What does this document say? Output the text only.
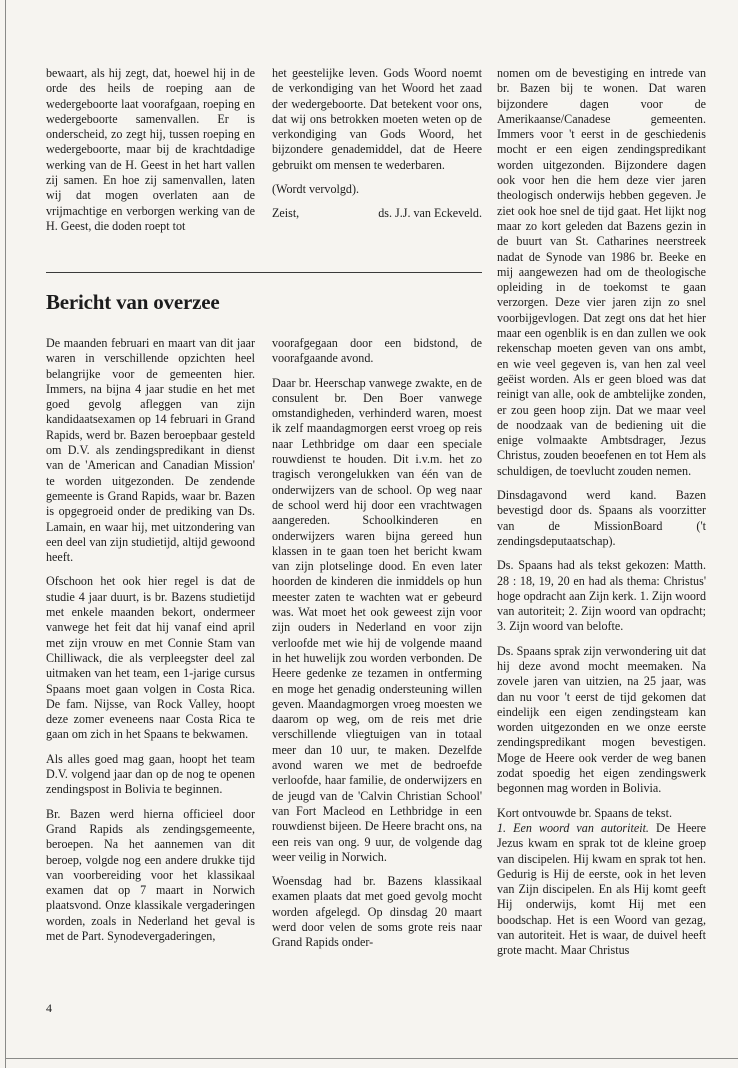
bewaart, als hij zegt, dat, hoewel hij in de orde des heils de roeping aan de wedergeboorte laat voorafgaan, roeping en wedergeboorte samenvallen. Er is onderscheid, zo zegt hij, tussen roeping en wedergeboorte, maar bij de krachtdadige werking van de H. Geest in het hart vallen zij samen. En hoe zij samenvallen, laten wij dat mogen overlaten aan de vrijmachtige en verborgen werking van de H. Geest, die doden roept tot

het geestelijke leven. Gods Woord noemt de verkondiging van het Woord het zaad der wedergeboorte. Dat betekent voor ons, dat wij ons betrokken moeten weten op de verkondiging van Gods Woord, het bijzondere genademiddel, dat de Heere gebruikt om mensen te wederbaren.

(Wordt vervolgd).

Zeist,	ds. J.J. van Eckeveld.

Bericht van overzee

De maanden februari en maart van dit jaar waren in verschillende opzichten heel belangrijke voor de gemeenten hier. Immers, na bijna 4 jaar studie en het met goed gevolg afleggen van zijn kandidaatsexamen op 14 februari in Grand Rapids, werd br. Bazen beroepbaar gesteld om D.V. als zendingspredikant in dienst van de 'American and Canadian Mission' te worden uitgezonden. De zendende gemeente is Grand Rapids, waar br. Bazen is opgegroeid onder de prediking van Ds. Lamain, en waar hij, met uitzondering van een deel van zijn studietijd, altijd gewoond heeft.

Ofschoon het ook hier regel is dat de studie 4 jaar duurt, is br. Bazens studietijd met enkele maanden bekort, ondermeer vanwege het feit dat hij vanaf eind april met zijn vrouw en met Connie Stam van Chilliwack, die als verpleegster deel zal uitmaken van het team, een 1-jarige cursus Spaans moet gaan volgen in Costa Rica. De fam. Nijsse, van Rock Valley, hoopt deze zomer eveneens naar Costa Rica te gaan om zich in het Spaans te bekwamen.

Als alles goed mag gaan, hoopt het team D.V. volgend jaar dan op de nog te openen zendingspost in Bolivia te beginnen.

Br. Bazen werd hierna officieel door Grand Rapids als zendingsgemeente, beroepen. Na het aannemen van dit beroep, volgde nog een andere drukke tijd van voorbereiding voor het klassikaal examen dat op 7 maart in Norwich plaatsvond. Onze klassikale vergaderingen worden, zoals in Nederland het geval is met de Part. Synodevergaderingen,

voorafgegaan door een bidstond, de voorafgaande avond.

Daar br. Heerschap vanwege zwakte, en de consulent br. Den Boer vanwege omstandigheden, verhinderd waren, moest ik zelf maandagmorgen eerst vroeg op reis naar Lethbridge om daar een speciale rouwdienst te houden. Dit i.v.m. het zo tragisch verongelukken van één van de onderwijzers van de school. Op weg naar de school werd hij door een vrachtwagen aangereden. Schoolkinderen en onderwijzers waren bijna gereed hun klassen in te gaan toen het bericht kwam van zijn plotselinge dood. En even later hoorden de kinderen die inmiddels op hun meester zaten te wachten wat er gebeurd was. Wat moet het ook geweest zijn voor zijn ouders in Nederland en voor zijn verloofde met wie hij de volgende maand in het huwelijk zou worden verbonden. De Heere gedenke ze tezamen in ontferming en moge het genadig ondersteuning willen geven. Maandagmorgen vroeg moesten we daarom op weg, om de reis met drie verschillende vliegtuigen van in totaal meer dan 10 uur, te maken. Dezelfde avond waren we met de bedroefde verloofde, haar familie, de onderwijzers en de jeugd van de 'Calvin Christian School' van Fort Macleod en Lethbridge in een rouwdienst bijeen. De Heere bracht ons, na een reis van ong. 9 uur, de volgende dag weer veilig in Norwich.

Woensdag had br. Bazens klassikaal examen plaats dat met goed gevolg mocht worden afgelegd. Op dinsdag 20 maart werd door velen de soms grote reis naar Grand Rapids onder-

nomen om de bevestiging en intrede van br. Bazen bij te wonen. Dat waren bijzondere dagen voor de Amerikaanse/Canadese gemeenten. Immers voor 't eerst in de geschiedenis mocht er een eigen zendingspredikant worden uitgezonden. Bijzondere dagen ook voor hen die hem deze vier jaren theologisch onderwijs hebben gegeven. Je ziet ook hoe snel de tijd gaat. Het lijkt nog maar zo kort geleden dat Bazens gezin in de buurt van St. Catharines neerstreek nadat de Synode van 1986 br. Beeke en mij aangewezen had om de theologische opleiding in de toekomst te gaan verzorgen. Deze vier jaren zijn zo snel voorbijgevlogen. Dat zegt ons dat het hier maar een ogenblik is en dan zullen we ook rekenschap moeten geven van ons ambt, en wie veel gegeven is, van hen zal veel geëist worden. Als er geen bloed was dat reinigt van alle, ook de ambtelijke zonden, er zou geen hoop zijn. Dat we maar veel de noodzaak van de bediening uit die enige volmaakte Ambtsdrager, Jezus Christus, zouden beoefenen en tot Hem als schuldigen, de toevlucht zouden nemen.

Dinsdagavond werd kand. Bazen bevestigd door ds. Spaans als voorzitter van de MissionBoard ('t zendingsdeputaatschap).

Ds. Spaans had als tekst gekozen: Matth. 28 : 18, 19, 20 en had als thema: Christus' hoge opdracht aan Zijn kerk. 1. Zijn woord van autoriteit; 2. Zijn woord van opdracht; 3. Zijn woord van belofte.

Ds. Spaans sprak zijn verwondering uit dat hij deze avond mocht meemaken. Na zovele jaren van uitzien, na 25 jaar, was dan nu voor 't eerst de tijd gekomen dat eindelijk een eigen zendingsteam kan worden uitgezonden en we onze eerste zendingspredikant mogen bevestigen. Moge de Heere ook verder de weg banen zodat spoedig het eigen zendingswerk begonnen mag worden in Bolivia.

Kort ontvouwde br. Spaans de tekst.
1. Een woord van autoriteit. De Heere Jezus kwam en sprak tot de kleine groep van discipelen. Hij kwam en sprak tot hen. Gedurig is Hij de eerste, ook in het leven van Zijn discipelen. En als Hij komt geeft Hij onderwijs, komt Hij met een boodschap. Het is een Woord van gezag, van autoriteit. Het is waar, de duivel heeft grote macht. Maar Christus

4
